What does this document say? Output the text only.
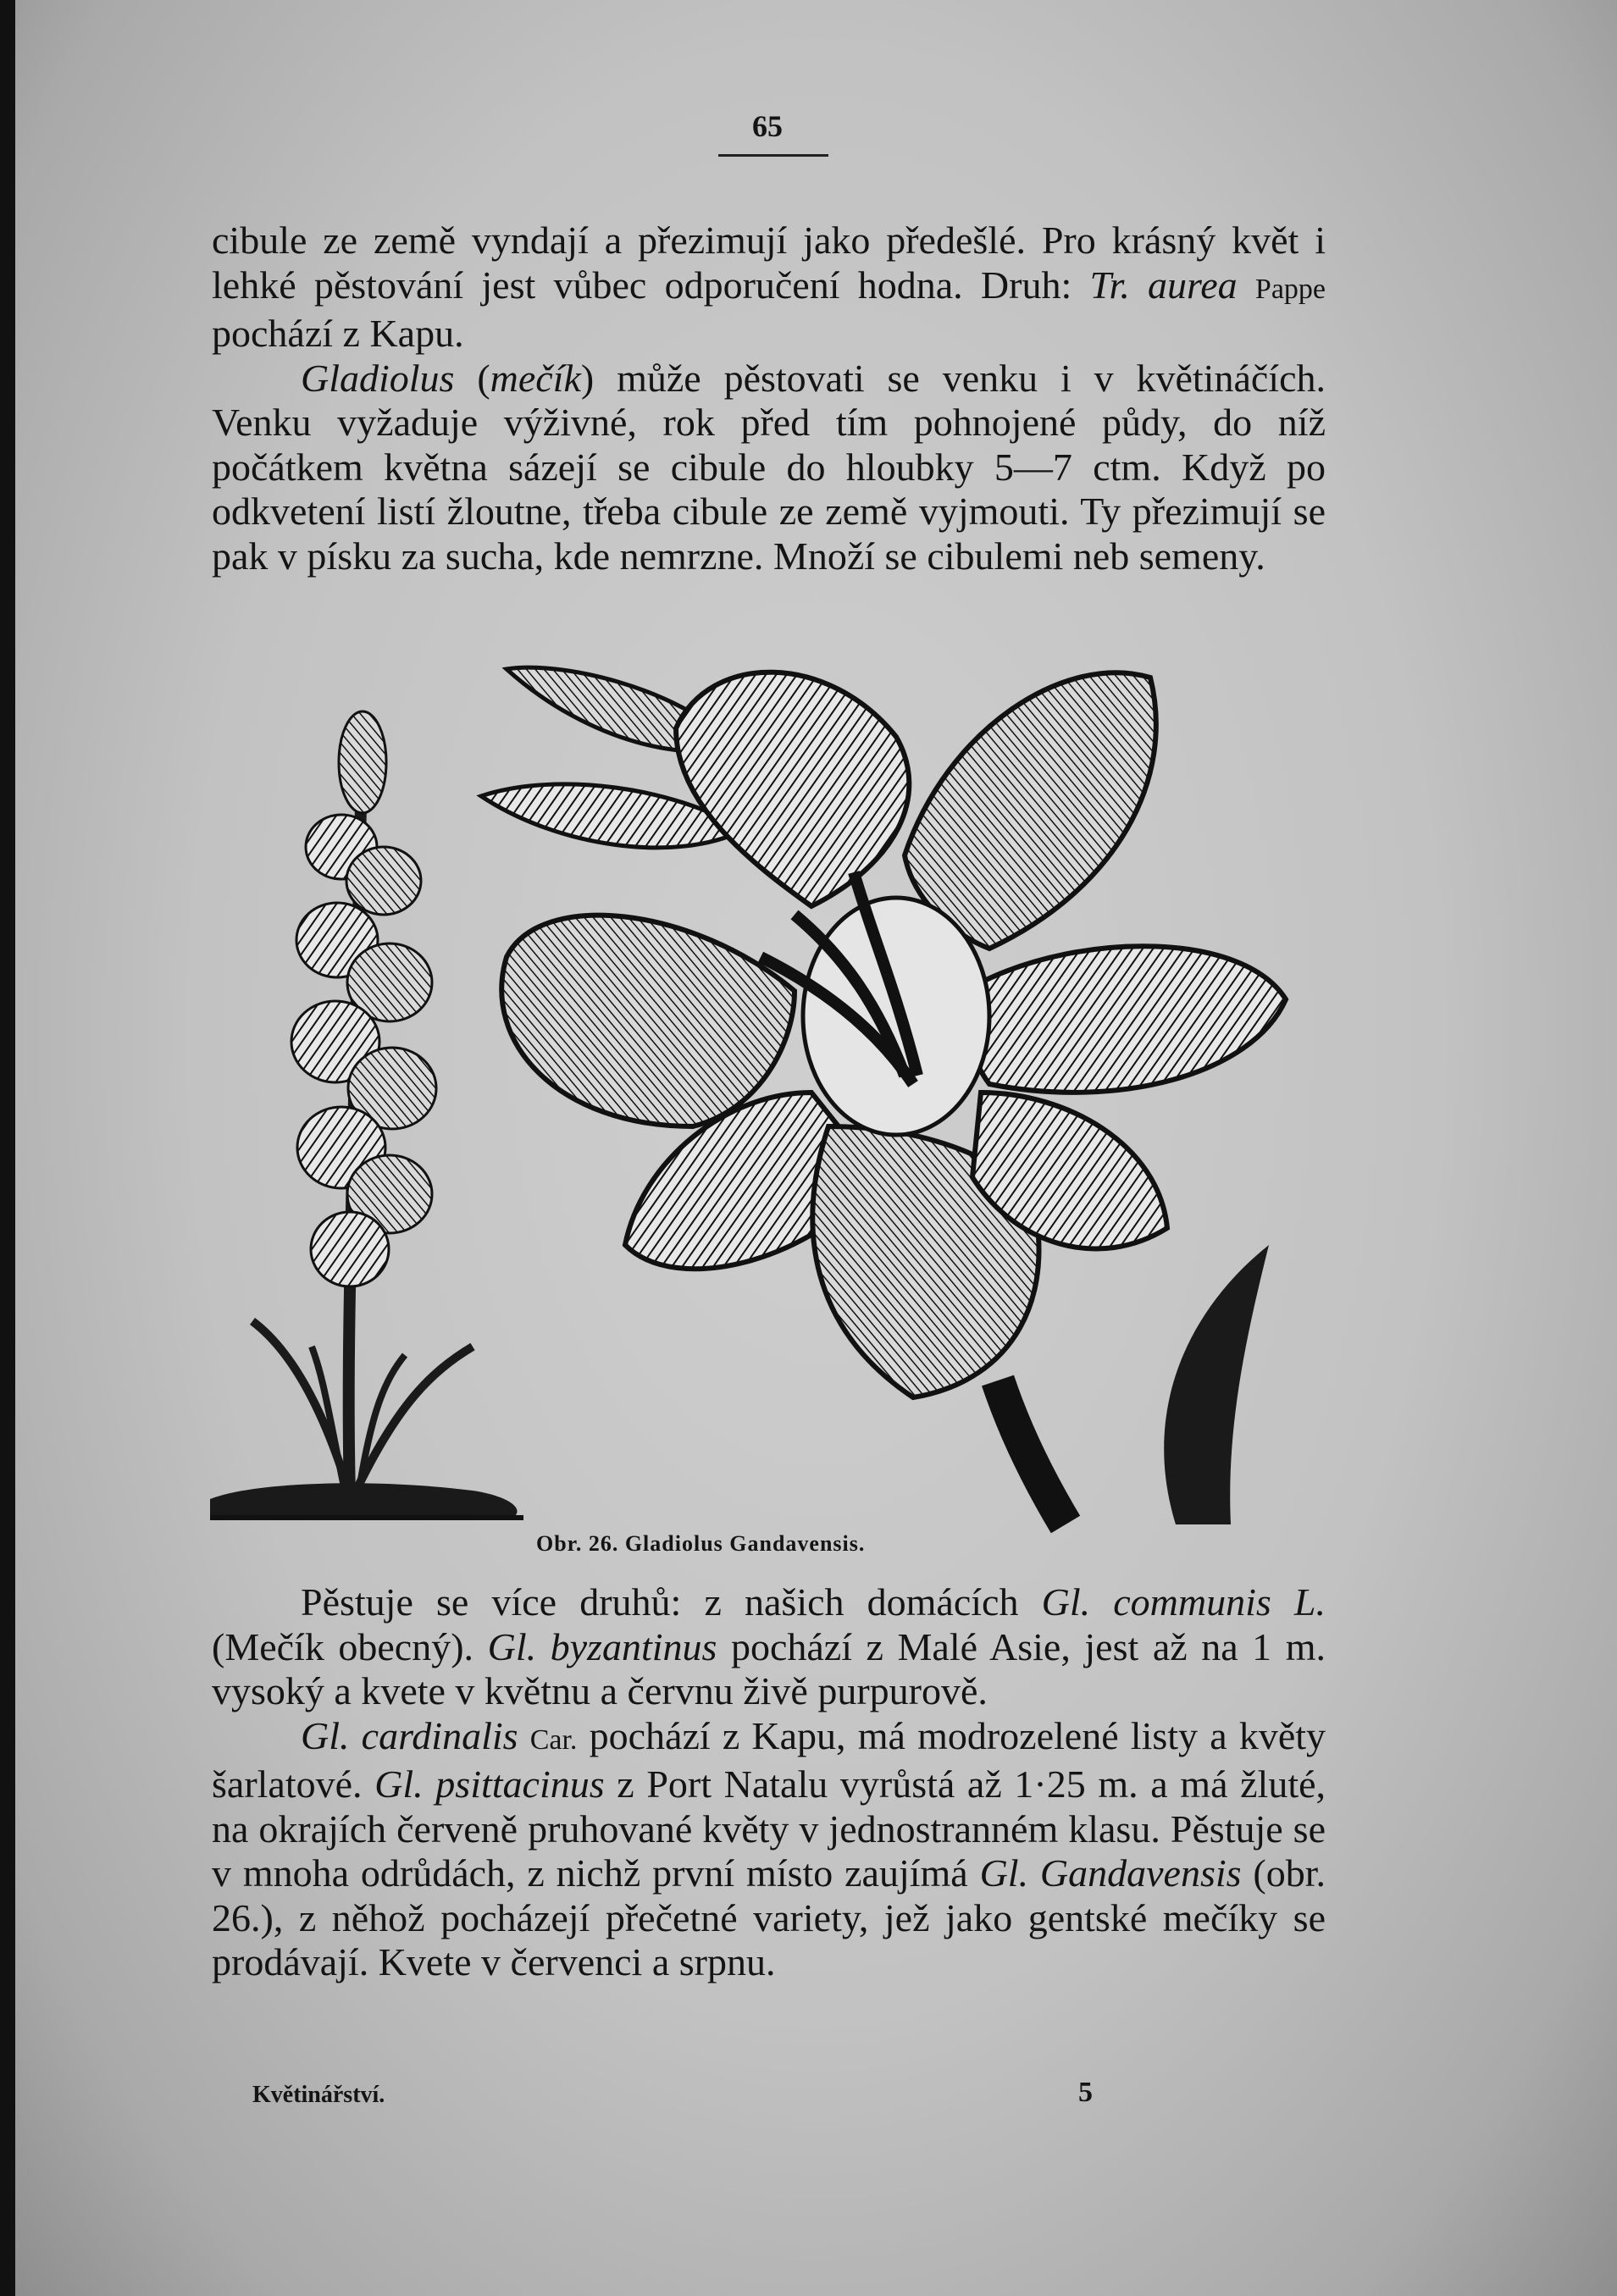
65

cibule ze země vyndají a přezimují jako předešlé. Pro krásný květ i lehké pěstování jest vůbec odporučení hodna. Druh: Tr. aurea Pappe pochází z Kapu.

Gladiolus (mečík) může pěstovati se venku i v květináčích. Venku vyžaduje výživné, rok před tím pohnojené půdy, do níž počátkem května sázejí se cibule do hloubky 5—7 ctm. Když po odkvetení listí žloutne, třeba cibule ze země vyjmouti. Ty přezimují se pak v písku za sucha, kde nemrzne. Množí se cibulemi neb semeny.

Obr. 26. Gladiolus Gandavensis.

Pěstuje se více druhů: z našich domácích Gl. communis L. (Mečík obecný). Gl. byzantinus pochází z Malé Asie, jest až na 1 m. vysoký a kvete v květnu a červnu živě purpurově.

Gl. cardinalis Car. pochází z Kapu, má modrozelené listy a květy šarlatové. Gl. psittacinus z Port Natalu vyrůstá až 1·25 m. a má žluté, na okrajích červeně pruhované květy v jednostranném klasu. Pěstuje se v mnoha odrůdách, z nichž první místo zaujímá Gl. Gandavensis (obr. 26.), z něhož pocházejí přečetné variety, jež jako gentské mečíky se prodávají. Kvete v červenci a srpnu.

Květinářství.	5
